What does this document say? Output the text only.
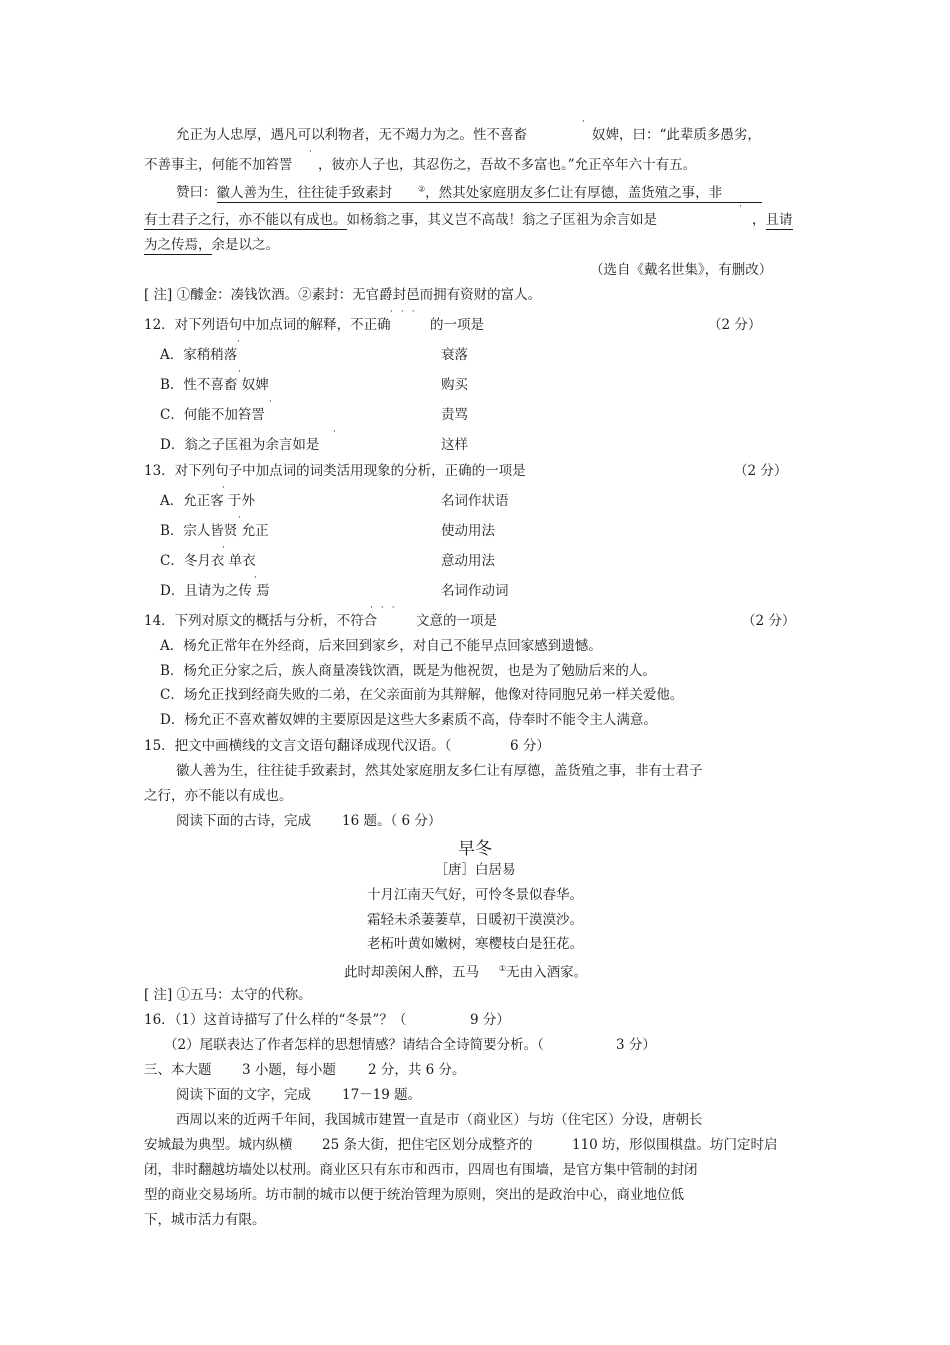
允正为人忠厚，遇凡可以利物者，无不竭力为之。性不喜畜
·
奴婢，曰：“此辈质多愚劣，
不善事主，何能不加笞詈
·
，彼亦人子也，其忍伤之，吾故不多富也。”允正卒年六十有五。
赞曰：徽人善为生，往往徒手致素封	②，然其处家庭朋友多仁让有厚德，盖货殖之事，非
有士君子之行，亦不能以有成也。如杨翁之事，其义岂不高哉！翁之子匡祖为余言如是
·
，且请
为之传焉，余是以之。
（选自《戴名世集》，有删改）
[ 注] ①醵金：凑钱饮酒。②素封：无官爵封邑而拥有资财的富人。
12．对下列语句中加点词的解释，不正确
···
的一项是	（2 分）
A．家稍稍落
·
衰落
B．性不喜畜 奴婢
·
购买
C．何能不加笞詈
·
责骂
D．翁之子匡祖为余言如是
·
这样
13．对下列句子中加点词的词类活用现象的分析，正确的一项是	（2 分）
A．允正客 于外
·
名词作状语
B．宗人皆贤 允正
·
使动用法
C．冬月衣 单衣
·
意动用法
D．且请为之传 焉
·
名词作动词
14．下列对原文的概括与分析，不符合
···
文意的一项是	（2 分）
A．杨允正常年在外经商，后来回到家乡，对自己不能早点回家感到遗憾。
B．杨允正分家之后，族人商量凑钱饮酒，既是为他祝贺，也是为了勉励后来的人。
C．场允正找到经商失败的二弟，在父亲面前为其辩解，他像对待同胞兄弟一样关爱他。
D．杨允正不喜欢蓄奴婢的主要原因是这些大多素质不高，侍奉时不能令主人满意。
15．把文中画横线的文言文语句翻译成现代汉语。（	6 分）
徽人善为生，往往徒手致素封，然其处家庭朋友多仁让有厚德，盖货殖之事，非有士君子
之行，亦不能以有成也。
阅读下面的古诗，完成 16 题。（ 6 分）
早冬
［唐］白居易
十月江南天气好，可怜冬景似春华。
霜轻未杀萋萋草，日暖初干漠漠沙。
老柘叶黄如嫩树，寒樱枝白是狂花。
此时却羡闲人醉，五马	①无由入酒家。
[ 注] ①五马：太守的代称。
16．（1）这首诗描写了什么样的“冬景”？（	9 分）
（2）尾联表达了作者怎样的思想情感？请结合全诗简要分析。（	3 分）
三、本大题 3 小题，每小题 2 分，共 6 分。
阅读下面的文字，完成 17－19 题。
西周以来的近两千年间，我国城市建置一直是市（商业区）与坊（住宅区）分设，唐朝长
安城最为典型。城内纵横 25 条大街，把住宅区划分成整齐的	110 坊，形似围棋盘。坊门定时启
闭，非时翻越坊墙处以杖刑。商业区只有东市和西市，四周也有围墙，是官方集中管制的封闭
型的商业交易场所。坊市制的城市以便于统治管理为原则，突出的是政治中心，商业地位低
下，城市活力有限。
